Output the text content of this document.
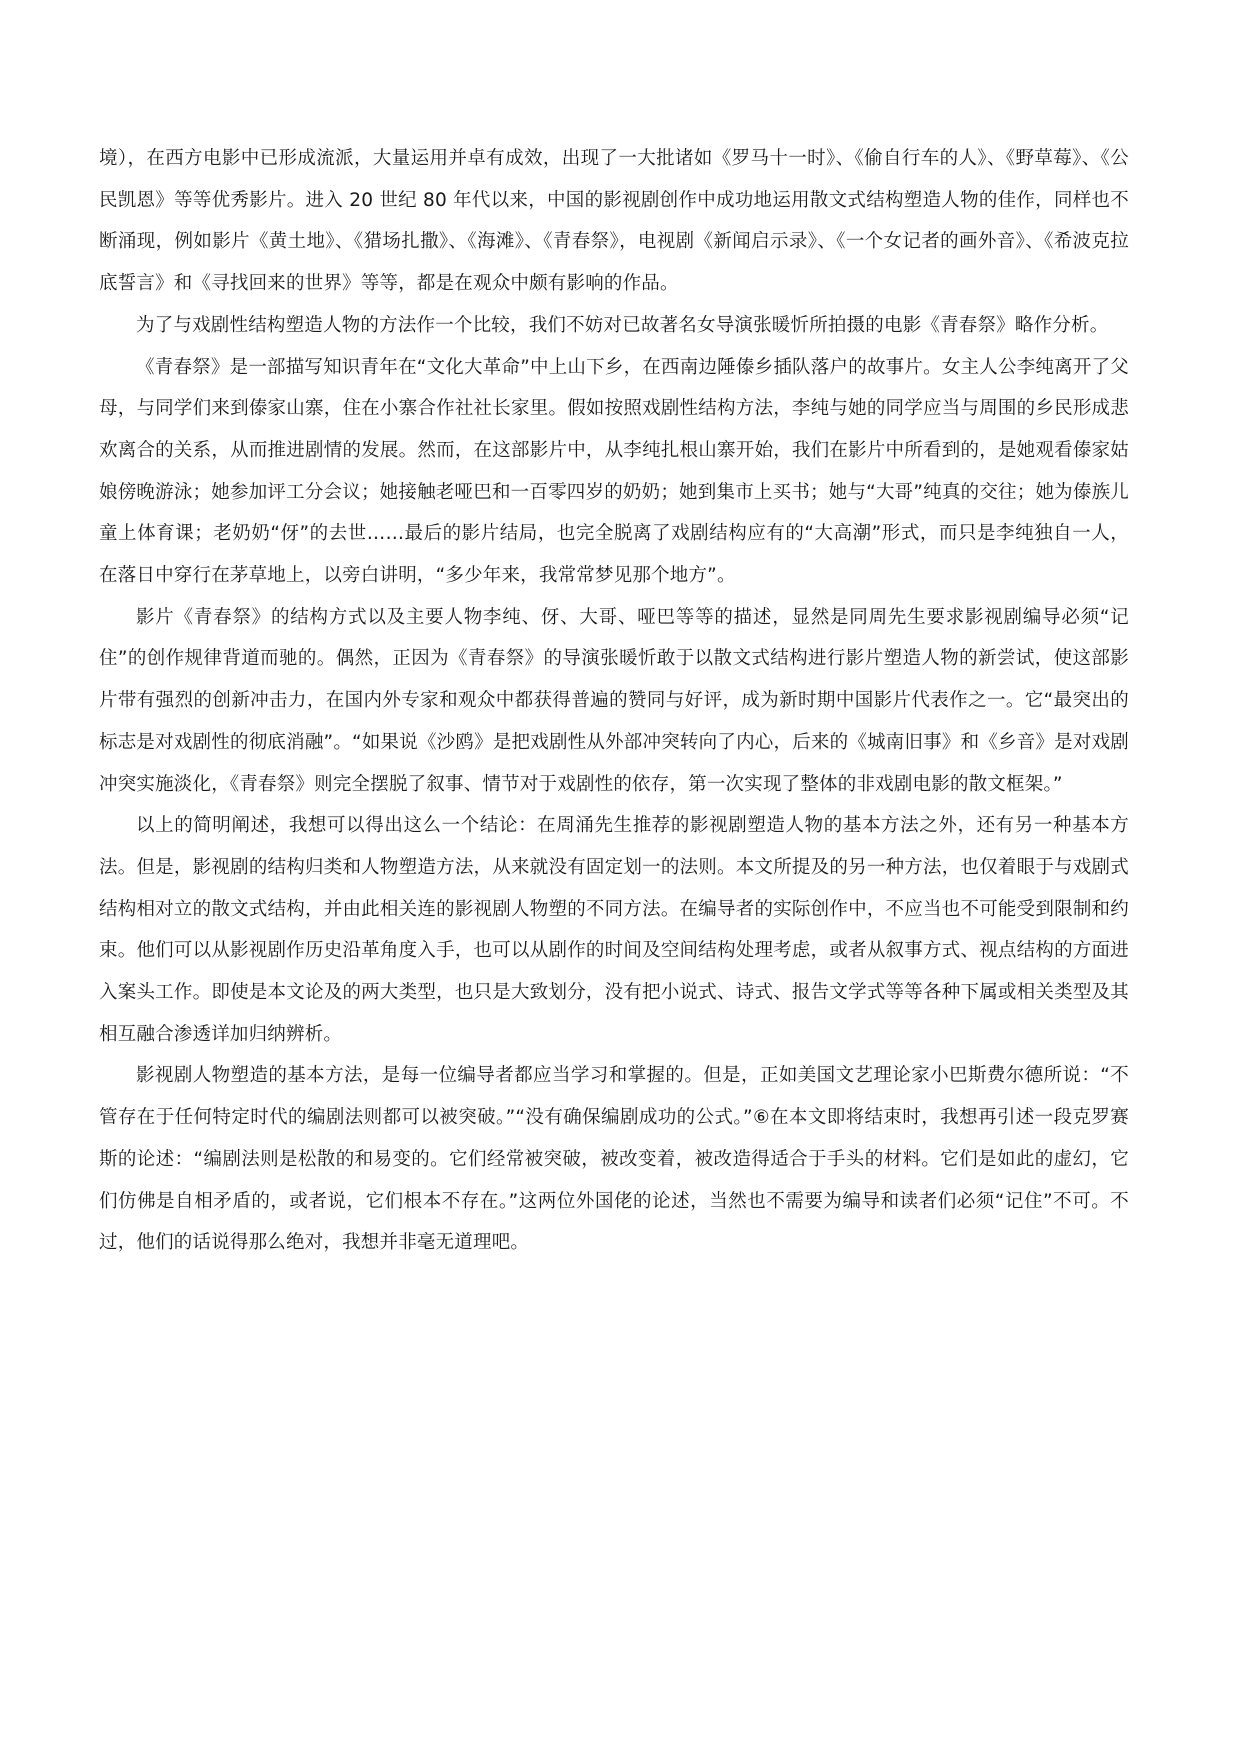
境），在西方电影中已形成流派，大量运用并卓有成效，出现了一大批诸如《罗马十一时》、《偷自行车的人》、《野草莓》、《公民凯恩》等等优秀影片。进入 20 世纪 80 年代以来，中国的影视剧创作中成功地运用散文式结构塑造人物的佳作，同样也不断涌现，例如影片《黄土地》、《猎场扎撒》、《海滩》、《青春祭》，电视剧《新闻启示录》、《一个女记者的画外音》、《希波克拉底誓言》和《寻找回来的世界》等等，都是在观众中颇有影响的作品。

为了与戏剧性结构塑造人物的方法作一个比较，我们不妨对已故著名女导演张暖忻所拍摄的电影《青春祭》略作分析。

《青春祭》是一部描写知识青年在“文化大革命”中上山下乡，在西南边陲傣乡插队落户的故事片。女主人公李纯离开了父母，与同学们来到傣家山寨，住在小寨合作社社长家里。假如按照戏剧性结构方法，李纯与她的同学应当与周围的乡民形成悲欢离合的关系，从而推进剧情的发展。然而，在这部影片中，从李纯扎根山寨开始，我们在影片中所看到的，是她观看傣家姑娘傍晚游泳；她参加评工分会议；她接触老哑巴和一百零四岁的奶奶；她到集市上买书；她与“大哥”纯真的交往；她为傣族儿童上体育课；老奶奶“伢”的去世……最后的影片结局，也完全脱离了戏剧结构应有的“大高潮”形式，而只是李纯独自一人，在落日中穿行在茅草地上，以旁白讲明，“多少年来，我常常梦见那个地方”。

影片《青春祭》的结构方式以及主要人物李纯、伢、大哥、哑巴等等的描述，显然是同周先生要求影视剧编导必须“记住”的创作规律背道而驰的。偶然，正因为《青春祭》的导演张暖忻敢于以散文式结构进行影片塑造人物的新尝试，使这部影片带有强烈的创新冲击力，在国内外专家和观众中都获得普遍的赞同与好评，成为新时期中国影片代表作之一。它“最突出的标志是对戏剧性的彻底消融”。“如果说《沙鸥》是把戏剧性从外部冲突转向了内心，后来的《城南旧事》和《乡音》是对戏剧冲突实施淡化，《青春祭》则完全摆脱了叙事、情节对于戏剧性的依存，第一次实现了整体的非戏剧电影的散文框架。”

以上的简明阐述，我想可以得出这么一个结论：在周涌先生推荐的影视剧塑造人物的基本方法之外，还有另一种基本方法。但是，影视剧的结构归类和人物塑造方法，从来就没有固定划一的法则。本文所提及的另一种方法，也仅着眼于与戏剧式结构相对立的散文式结构，并由此相关连的影视剧人物塑的不同方法。在编导者的实际创作中，不应当也不可能受到限制和约束。他们可以从影视剧作历史沿革角度入手，也可以从剧作的时间及空间结构处理考虑，或者从叙事方式、视点结构的方面进入案头工作。即使是本文论及的两大类型，也只是大致划分，没有把小说式、诗式、报告文学式等等各种下属或相关类型及其相互融合渗透详加归纳辨析。

影视剧人物塑造的基本方法，是每一位编导者都应当学习和掌握的。但是，正如美国文艺理论家小巴斯费尔德所说：“不管存在于任何特定时代的编剧法则都可以被突破。”“没有确保编剧成功的公式。”⑥在本文即将结束时，我想再引述一段克罗赛斯的论述：“编剧法则是松散的和易变的。它们经常被突破，被改变着，被改造得适合于手头的材料。它们是如此的虚幻，它们仿佛是自相矛盾的，或者说，它们根本不存在。”这两位外国佬的论述，当然也不需要为编导和读者们必须“记住”不可。不过，他们的话说得那么绝对，我想并非毫无道理吧。
